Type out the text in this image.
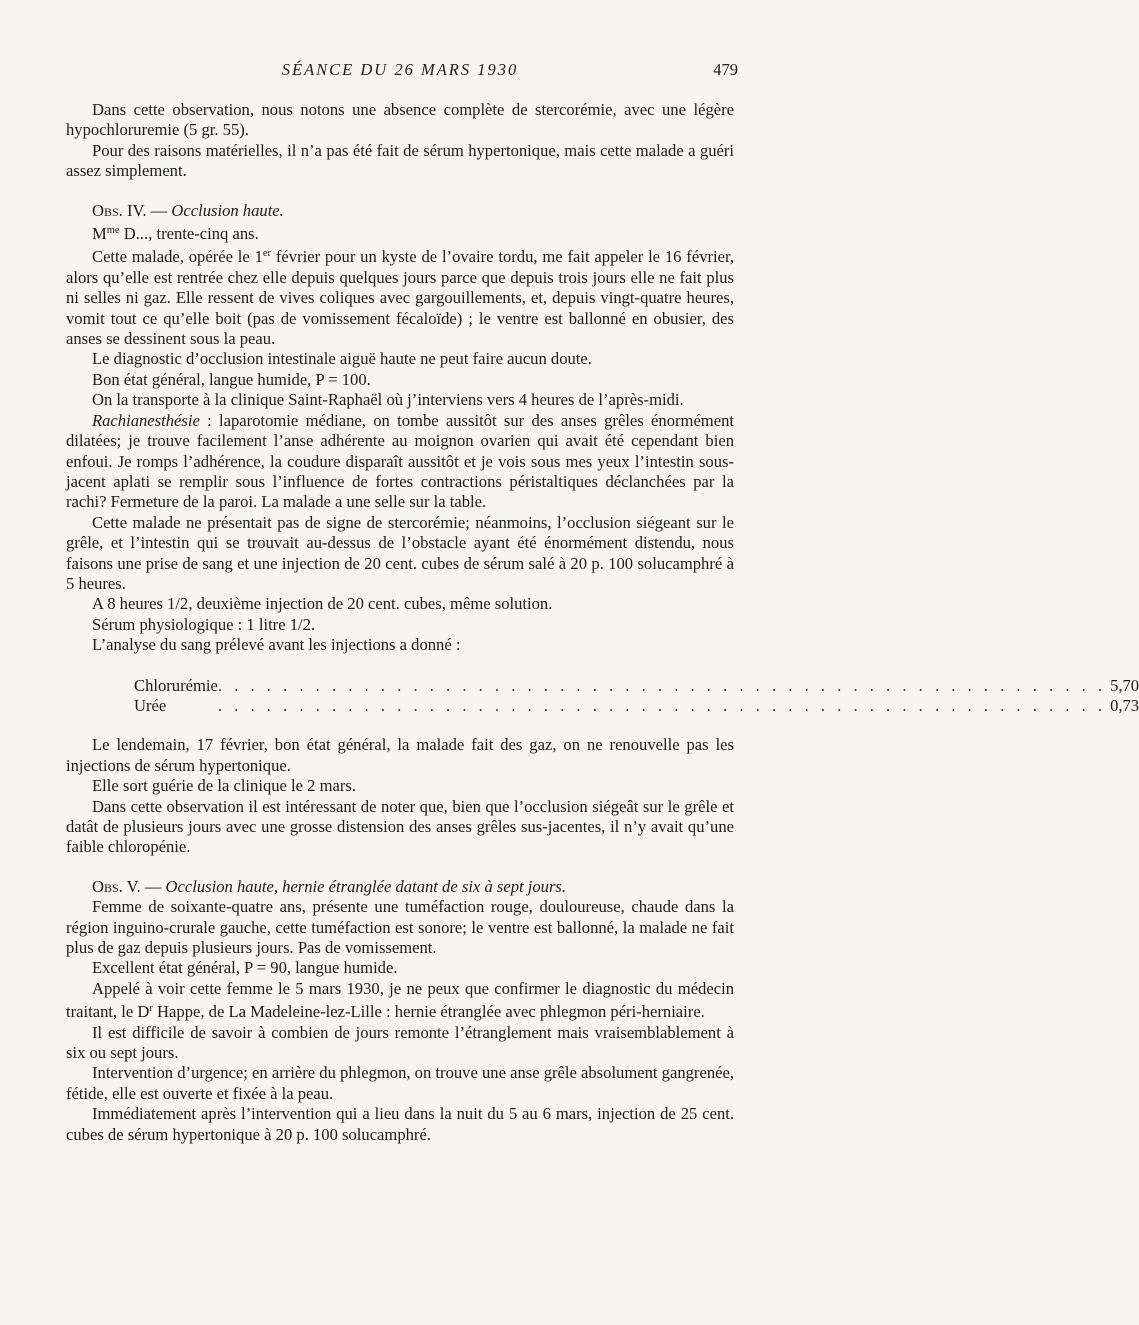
SÉANCE DU 26 MARS 1930	479

Dans cette observation, nous notons une absence complète de stercorémie, avec une légère hypochloruremie (5 gr. 55).

Pour des raisons matérielles, il n’a pas été fait de sérum hypertonique, mais cette malade a guéri assez simplement.

Obs. IV. — Occlusion haute.

$M^{me}$ D..., trente-cinq ans.

Cette malade, opérée le 1er février pour un kyste de l’ovaire tordu, me fait appeler le 16 février, alors qu’elle est rentrée chez elle depuis quelques jours parce que depuis trois jours elle ne fait plus ni selles ni gaz. Elle ressent de vives coliques avec gargouillements, et, depuis vingt-quatre heures, vomit tout ce qu’elle boit (pas de vomissement fécaloïde) ; le ventre est ballonné en obusier, des anses se dessinent sous la peau.

Le diagnostic d’occlusion intestinale aiguë haute ne peut faire aucun doute.

Bon état général, langue humide, P = 100.

On la transporte à la clinique Saint-Raphaël où j’interviens vers 4 heures de l’après-midi.

Rachianesthésie : laparotomie médiane, on tombe aussitôt sur des anses grêles énormément dilatées; je trouve facilement l’anse adhérente au moignon ovarien qui avait été cependant bien enfoui. Je romps l’adhérence, la coudure disparaît aussitôt et je vois sous mes yeux l’intestin sous-jacent aplati se remplir sous l’influence de fortes contractions péristaltiques déclanchées par la rachi? Fermeture de la paroi. La malade a une selle sur la table.

Cette malade ne présentait pas de signe de stercorémie; néanmoins, l’occlusion siégeant sur le grêle, et l’intestin qui se trouvait au-dessus de l’obstacle ayant été énormément distendu, nous faisons une prise de sang et une injection de 20 cent. cubes de sérum salé à 20 p. 100 solucamphré à 5 heures.

A 8 heures 1/2, deuxième injection de 20 cent. cubes, même solution.

Sérum physiologique : 1 litre 1/2.

L’analyse du sang prélevé avant les injections a donné :

Chlorurémie	. . . . . . . . . . . . . . . . . . . . . . . . . . . . . . . . . . . . . . . . . . . . . . . . . . . . . . .	5,70
Urée	. . . . . . . . . . . . . . . . . . . . . . . . . . . . . . . . . . . . . . . . . . . . . . . . . . . . . . .	0,73

Le lendemain, 17 février, bon état général, la malade fait des gaz, on ne renouvelle pas les injections de sérum hypertonique.

Elle sort guérie de la clinique le 2 mars.

Dans cette observation il est intéressant de noter que, bien que l’occlusion siégeât sur le grêle et datât de plusieurs jours avec une grosse distension des anses grêles sus-jacentes, il n’y avait qu’une faible chloropénie.

Obs. V. — Occlusion haute, hernie étranglée datant de six à sept jours.

Femme de soixante-quatre ans, présente une tuméfaction rouge, douloureuse, chaude dans la région inguino-crurale gauche, cette tuméfaction est sonore; le ventre est ballonné, la malade ne fait plus de gaz depuis plusieurs jours. Pas de vomissement.

Excellent état général, P = 90, langue humide.

Appelé à voir cette femme le 5 mars 1930, je ne peux que confirmer le diagnostic du médecin traitant, le $D^r$ Happe, de La Madeleine-lez-Lille : hernie étranglée avec phlegmon péri-herniaire.

Il est difficile de savoir à combien de jours remonte l’étranglement mais vraisemblablement à six ou sept jours.

Intervention d’urgence; en arrière du phlegmon, on trouve une anse grêle absolument gangrenée, fétide, elle est ouverte et fixée à la peau.

Immédiatement après l’intervention qui a lieu dans la nuit du 5 au 6 mars, injection de 25 cent. cubes de sérum hypertonique à 20 p. 100 solucamphré.
